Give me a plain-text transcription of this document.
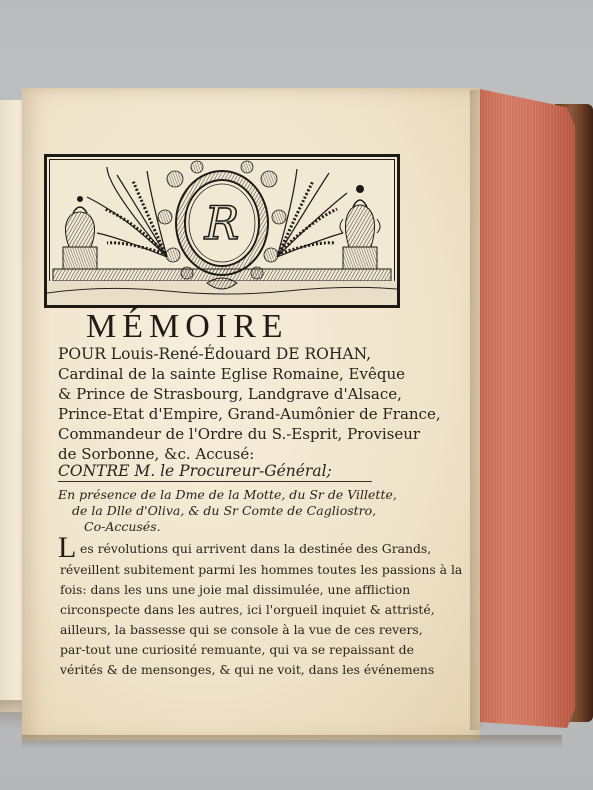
R
MÉMOIRE
POUR Louis-René-Édouard DE ROHAN,
Cardinal de la sainte Eglise Romaine, Evêque
& Prince de Strasbourg, Landgrave d'Alsace,
Prince-Etat d'Empire, Grand-Aumônier de France,
Commandeur de l'Ordre du S.-Esprit, Proviseur
CONTRE M. le Procureur-Général;
En présence de la Dme de la Motte, du Sr de Villette,
de la Dlle d'Oliva, & du Sr Comte de Cagliostro,
Co-Accusés.
L es révolutions qui arrivent dans la destinée des Grands,
réveillent subitement parmi les hommes toutes les passions à la
fois: dans les uns une joie mal dissimulée, une affliction
circonspecte dans les autres, ici l'orgueil inquiet & attristé,
ailleurs, la bassesse qui se console à la vue de ces revers,
par-tout une curiosité remuante, qui va se repaissant de
vérités & de mensonges, & qui ne voit, dans les événemens
de Sorbonne, &c. Accusé:
